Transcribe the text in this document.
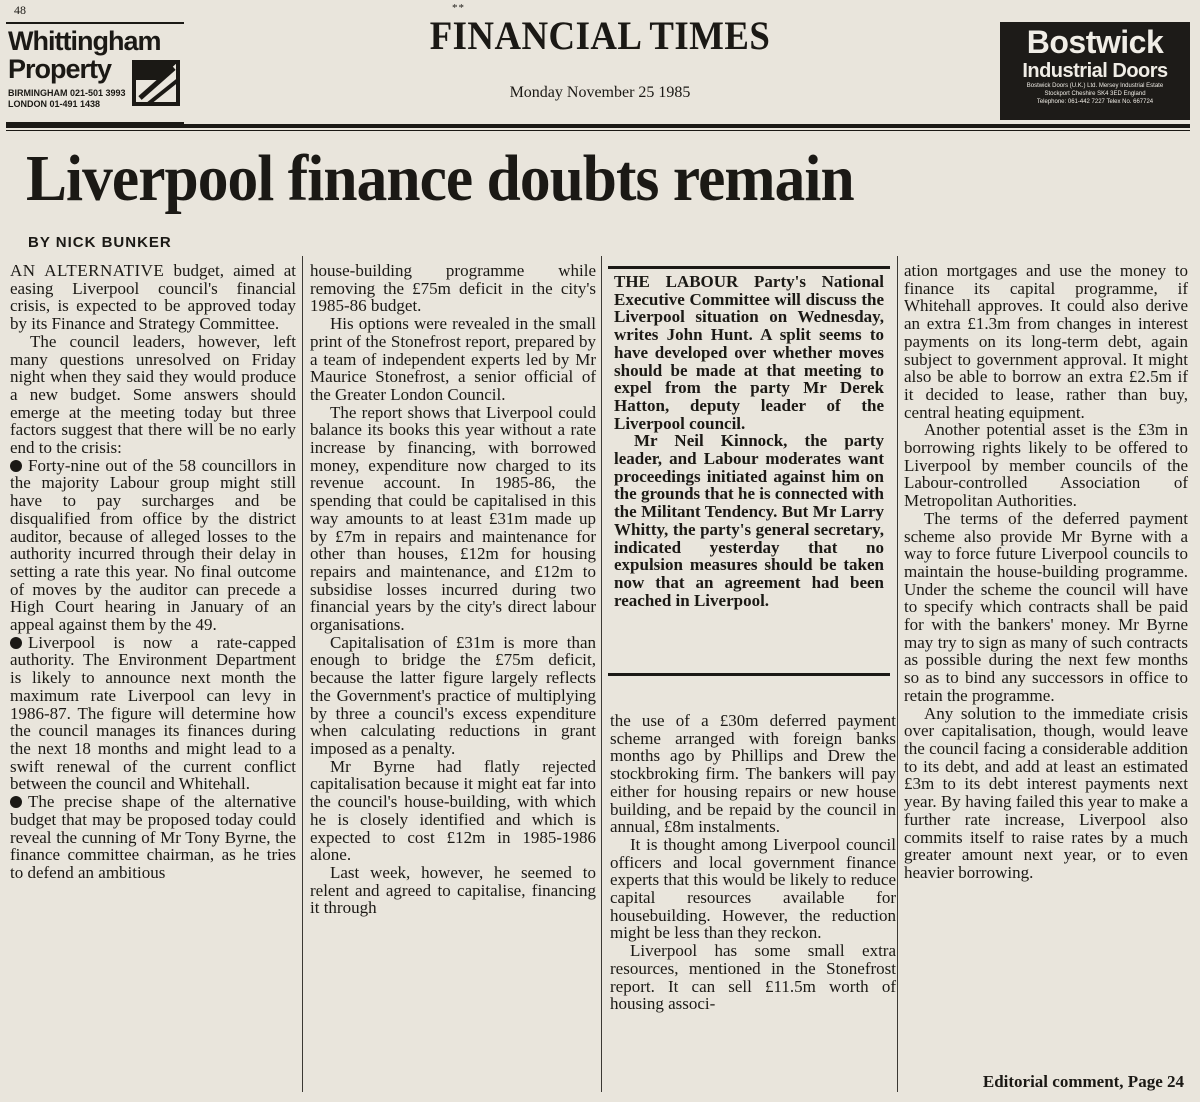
48	**
Whittingham
Property
BIRMINGHAM 021-501 3993
LONDON 01-491 1438
FINANCIAL TIMES
Monday November 25 1985
Bostwick
Industrial Doors
Bostwick Doors (U.K.) Ltd. Mersey Industrial Estate
Stockport Cheshire SK4 3ED England
Telephone: 061-442 7227 Telex No. 667724
Liverpool finance doubts remain
BY NICK BUNKER

AN ALTERNATIVE budget, aimed at easing Liverpool council's financial crisis, is expected to be approved today by its Finance and Strategy Committee.

The council leaders, however, left many questions unresolved on Friday night when they said they would produce a new budget. Some answers should emerge at the meeting today but three factors suggest that there will be no early end to the crisis:

Forty-nine out of the 58 councillors in the majority Labour group might still have to pay surcharges and be disqualified from office by the district auditor, because of alleged losses to the authority incurred through their delay in setting a rate this year. No final outcome of moves by the auditor can precede a High Court hearing in January of an appeal against them by the 49.

Liverpool is now a rate-capped authority. The Environment Department is likely to announce next month the maximum rate Liverpool can levy in 1986-87. The figure will determine how the council manages its finances during the next 18 months and might lead to a swift renewal of the current conflict between the council and Whitehall.

The precise shape of the alternative budget that may be proposed today could reveal the cunning of Mr Tony Byrne, the finance committee chairman, as he tries to defend an ambitious

house-building programme while removing the £75m deficit in the city's 1985-86 budget.

His options were revealed in the small print of the Stonefrost report, prepared by a team of independent experts led by Mr Maurice Stonefrost, a senior official of the Greater London Council.

The report shows that Liverpool could balance its books this year without a rate increase by financing, with borrowed money, expenditure now charged to its revenue account. In 1985-86, the spending that could be capitalised in this way amounts to at least £31m made up by £7m in repairs and maintenance for other than houses, £12m for housing repairs and maintenance, and £12m to subsidise losses incurred during two financial years by the city's direct labour organisations.

Capitalisation of £31m is more than enough to bridge the £75m deficit, because the latter figure largely reflects the Government's practice of multiplying by three a council's excess expenditure when calculating reductions in grant imposed as a penalty.

Mr Byrne had flatly rejected capitalisation because it might eat far into the council's house-building, with which he is closely identified and which is expected to cost £12m in 1985-1986 alone.

Last week, however, he seemed to relent and agreed to capitalise, financing it through

THE LABOUR Party's National Executive Committee will discuss the Liverpool situation on Wednesday, writes John Hunt. A split seems to have developed over whether moves should be made at that meeting to expel from the party Mr Derek Hatton, deputy leader of the Liverpool council.

Mr Neil Kinnock, the party leader, and Labour moderates want proceedings initiated against him on the grounds that he is connected with the Militant Tendency. But Mr Larry Whitty, the party's general secretary, indicated yesterday that no expulsion measures should be taken now that an agreement had been reached in Liverpool.

the use of a £30m deferred payment scheme arranged with foreign banks months ago by Phillips and Drew the stockbroking firm. The bankers will pay either for housing repairs or new house building, and be repaid by the council in annual, £8m instalments.

It is thought among Liverpool council officers and local government finance experts that this would be likely to reduce capital resources available for housebuilding. However, the reduction might be less than they reckon.

Liverpool has some small extra resources, mentioned in the Stonefrost report. It can sell £11.5m worth of housing associ-

ation mortgages and use the money to finance its capital programme, if Whitehall approves. It could also derive an extra £1.3m from changes in interest payments on its long-term debt, again subject to government approval. It might also be able to borrow an extra £2.5m if it decided to lease, rather than buy, central heating equipment.

Another potential asset is the £3m in borrowing rights likely to be offered to Liverpool by member councils of the Labour-controlled Association of Metropolitan Authorities.

The terms of the deferred payment scheme also provide Mr Byrne with a way to force future Liverpool councils to maintain the house-building programme. Under the scheme the council will have to specify which contracts shall be paid for with the bankers' money. Mr Byrne may try to sign as many of such contracts as possible during the next few months so as to bind any successors in office to retain the programme.

Any solution to the immediate crisis over capitalisation, though, would leave the council facing a considerable addition to its debt, and add at least an estimated £3m to its debt interest payments next year. By having failed this year to make a further rate increase, Liverpool also commits itself to raise rates by a much greater amount next year, or to even heavier borrowing.

Editorial comment, Page 24
